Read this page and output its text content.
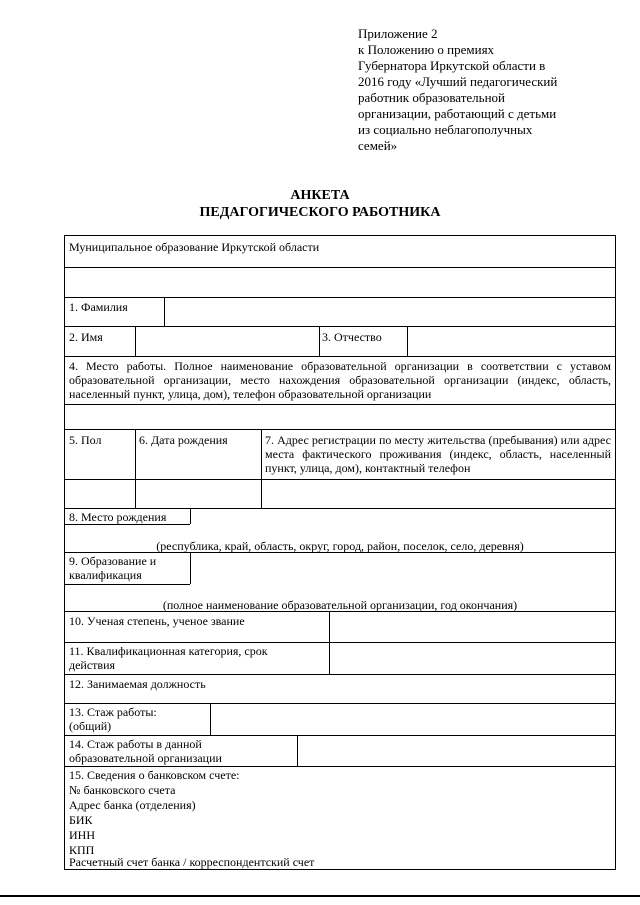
Приложение 2
к Положению о премиях
Губернатора Иркутской области в
2016 году «Лучший педагогический
работник образовательной
организации, работающий с детьми
из социально неблагополучных
семей»
АНКЕТА
ПЕДАГОГИЧЕСКОГО РАБОТНИКА
Муниципальное образование Иркутской области
1. Фамилия
2. Имя	3. Отчество
4. Место работы. Полное наименование образовательной организации в соответствии с уставом образовательной организации, место нахождения образовательной организации (индекс, область, населенный пункт, улица, дом), телефон образовательной организации
5. Пол	6. Дата рождения	7. Адрес регистрации по месту жительства (пребывания) или адрес места фактического проживания (индекс, область, населенный пункт, улица, дом), контактный телефон
8. Место рождения
(республика, край, область, округ, город, район, поселок, село, деревня)
9. Образование и
квалификация
(полное наименование образовательной организации, год окончания)
10. Ученая степень, ученое звание
11. Квалификационная категория, срок
действия
12. Занимаемая должность
13. Стаж работы:
(общий)
14. Стаж работы в данной
образовательной организации
15. Сведения о банковском счете:
№ банковского счета
Адрес банка (отделения)
БИК
ИНН
КПП
Расчетный счет банка / корреспондентский счет
